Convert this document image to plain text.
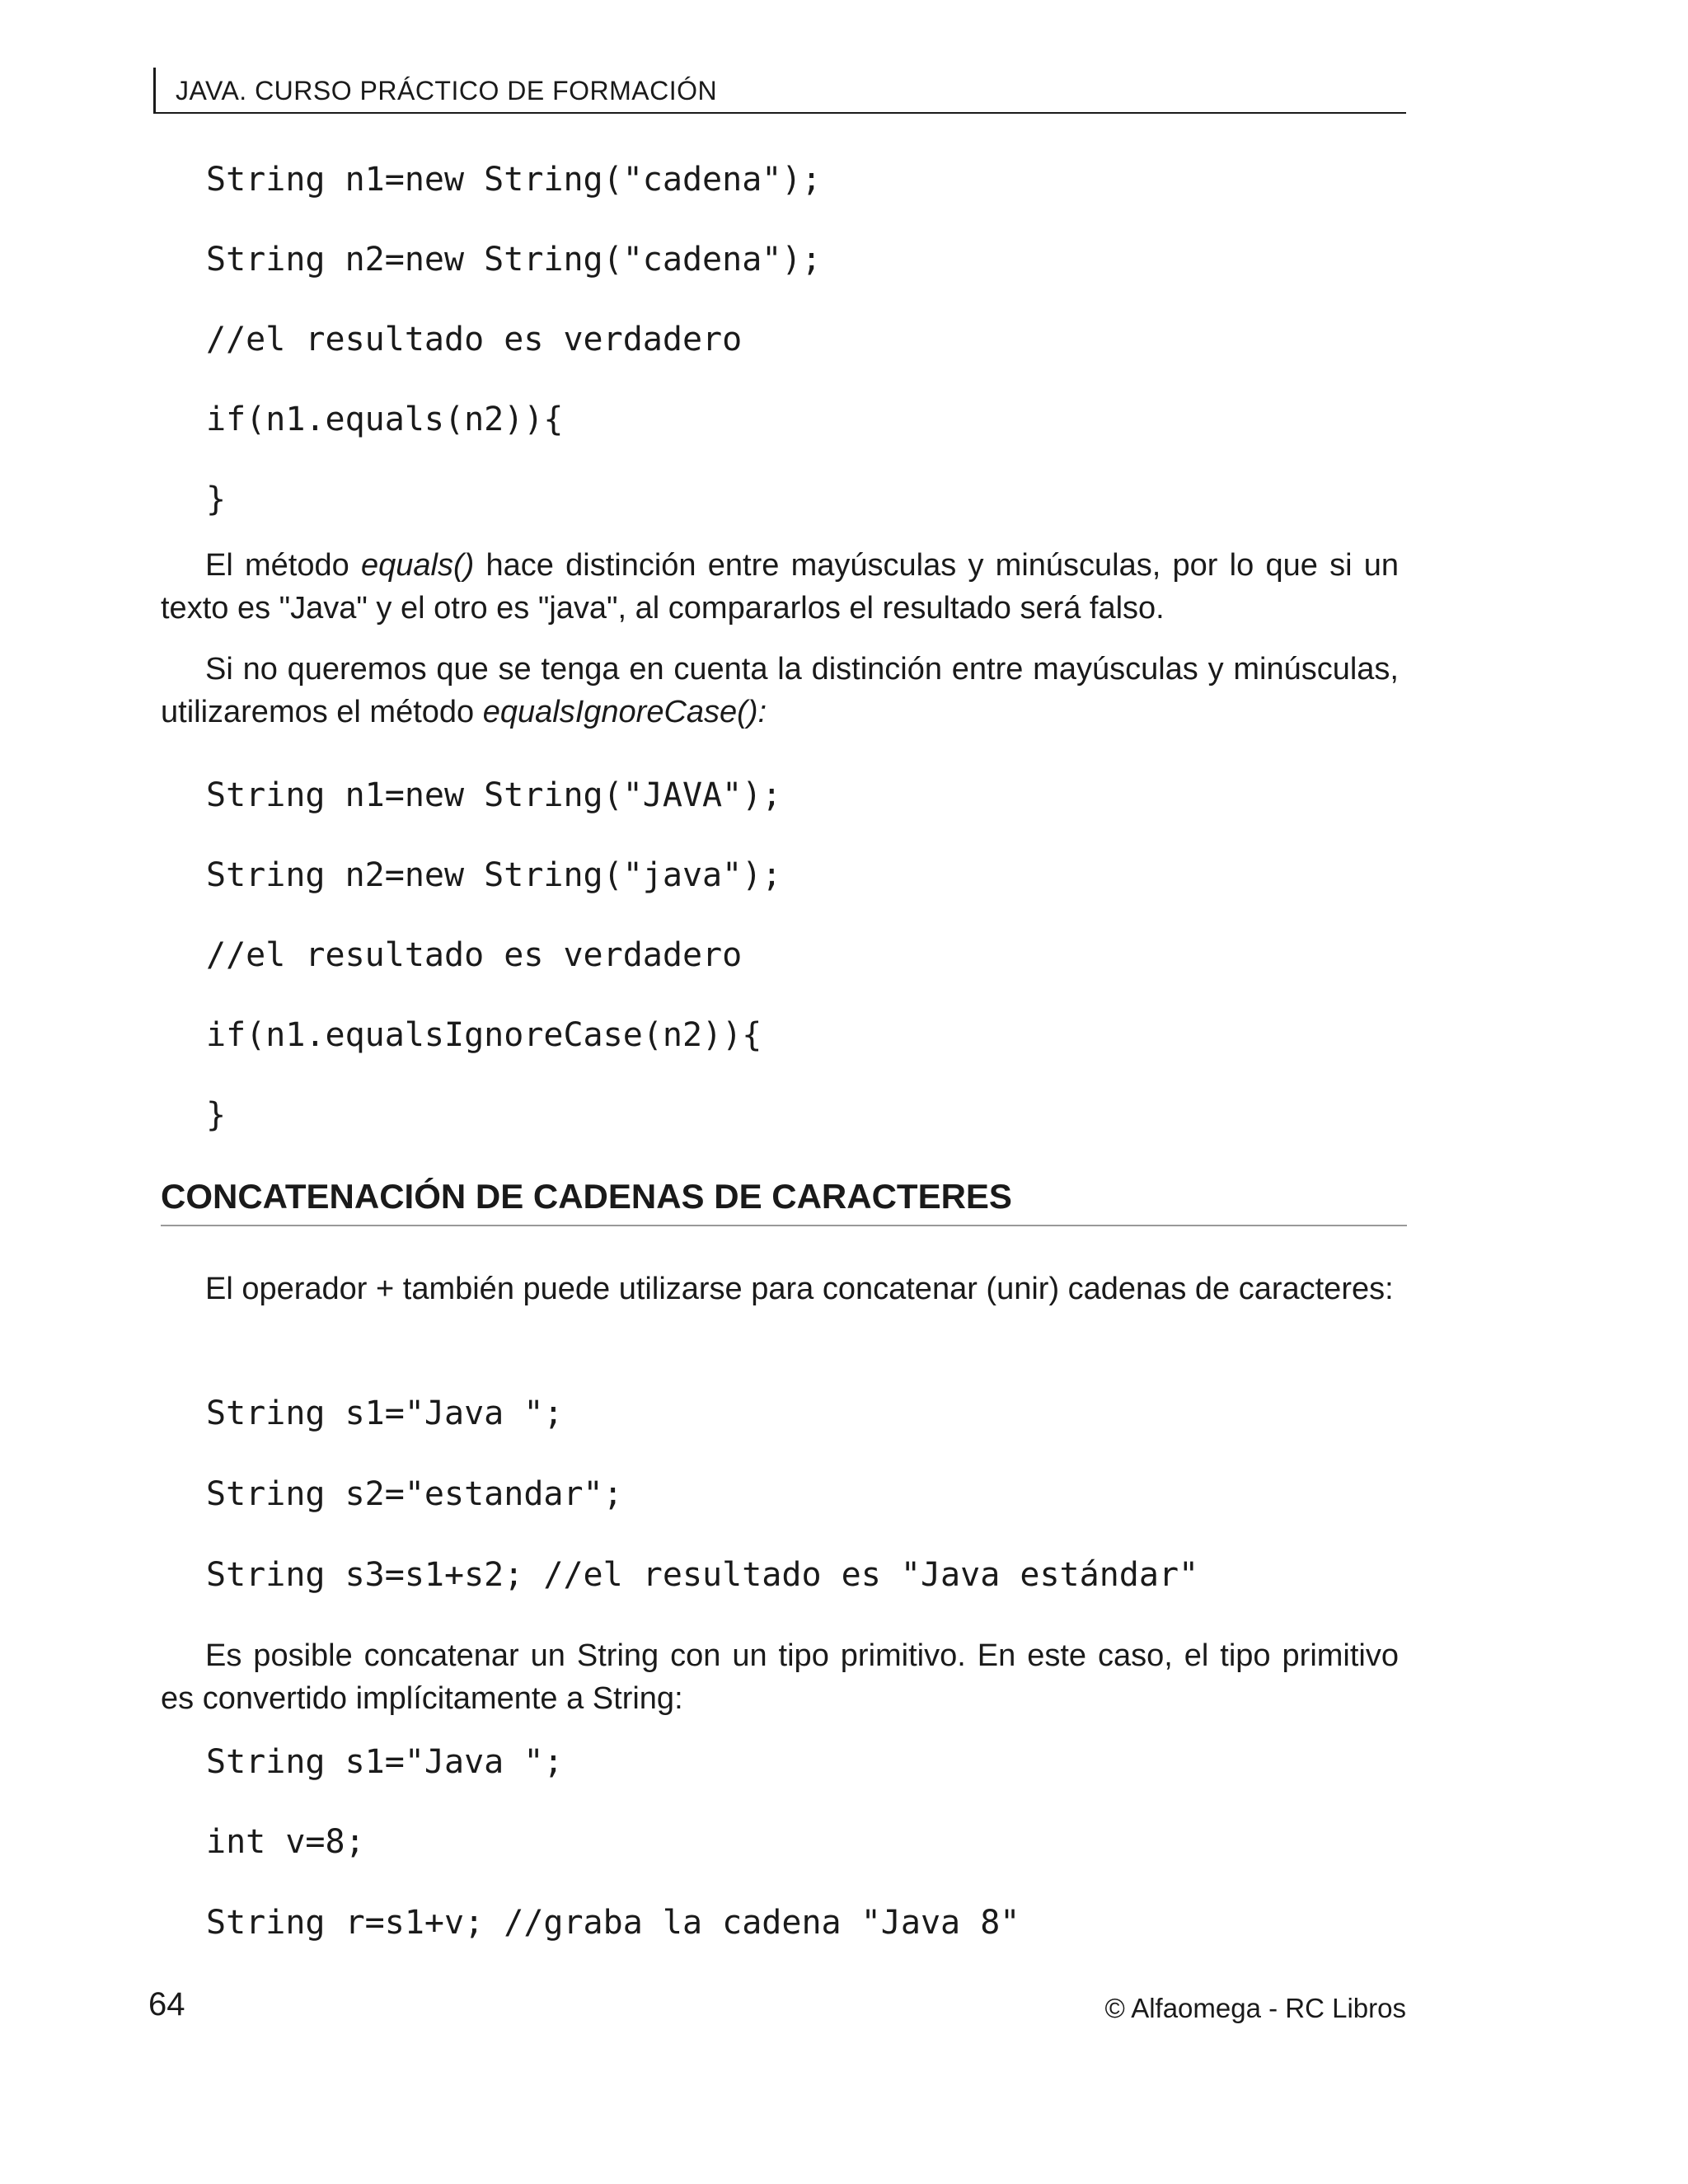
JAVA. CURSO PRÁCTICO DE FORMACIÓN
String n1=new String("cadena");
String n2=new String("cadena");
//el resultado es verdadero
if(n1.equals(n2)){
}
El método equals() hace distinción entre mayúsculas y minúsculas, por lo que si un texto es "Java" y el otro es "java", al compararlos el resultado será falso.
Si no queremos que se tenga en cuenta la distinción entre mayúsculas y minúsculas, utilizaremos el método equalsIgnoreCase():
String n1=new String("JAVA");
String n2=new String("java");
//el resultado es verdadero
if(n1.equalsIgnoreCase(n2)){
}
CONCATENACIÓN DE CADENAS DE CARACTERES
El operador + también puede utilizarse para concatenar (unir) cadenas de caracteres:
String s1="Java ";
String s2="estandar";
String s3=s1+s2; //el resultado es "Java estándar"
Es posible concatenar un String con un tipo primitivo. En este caso, el tipo primitivo es convertido implícitamente a String:
String s1="Java ";
int v=8;
String r=s1+v; //graba la cadena "Java 8"
64	© Alfaomega - RC Libros
